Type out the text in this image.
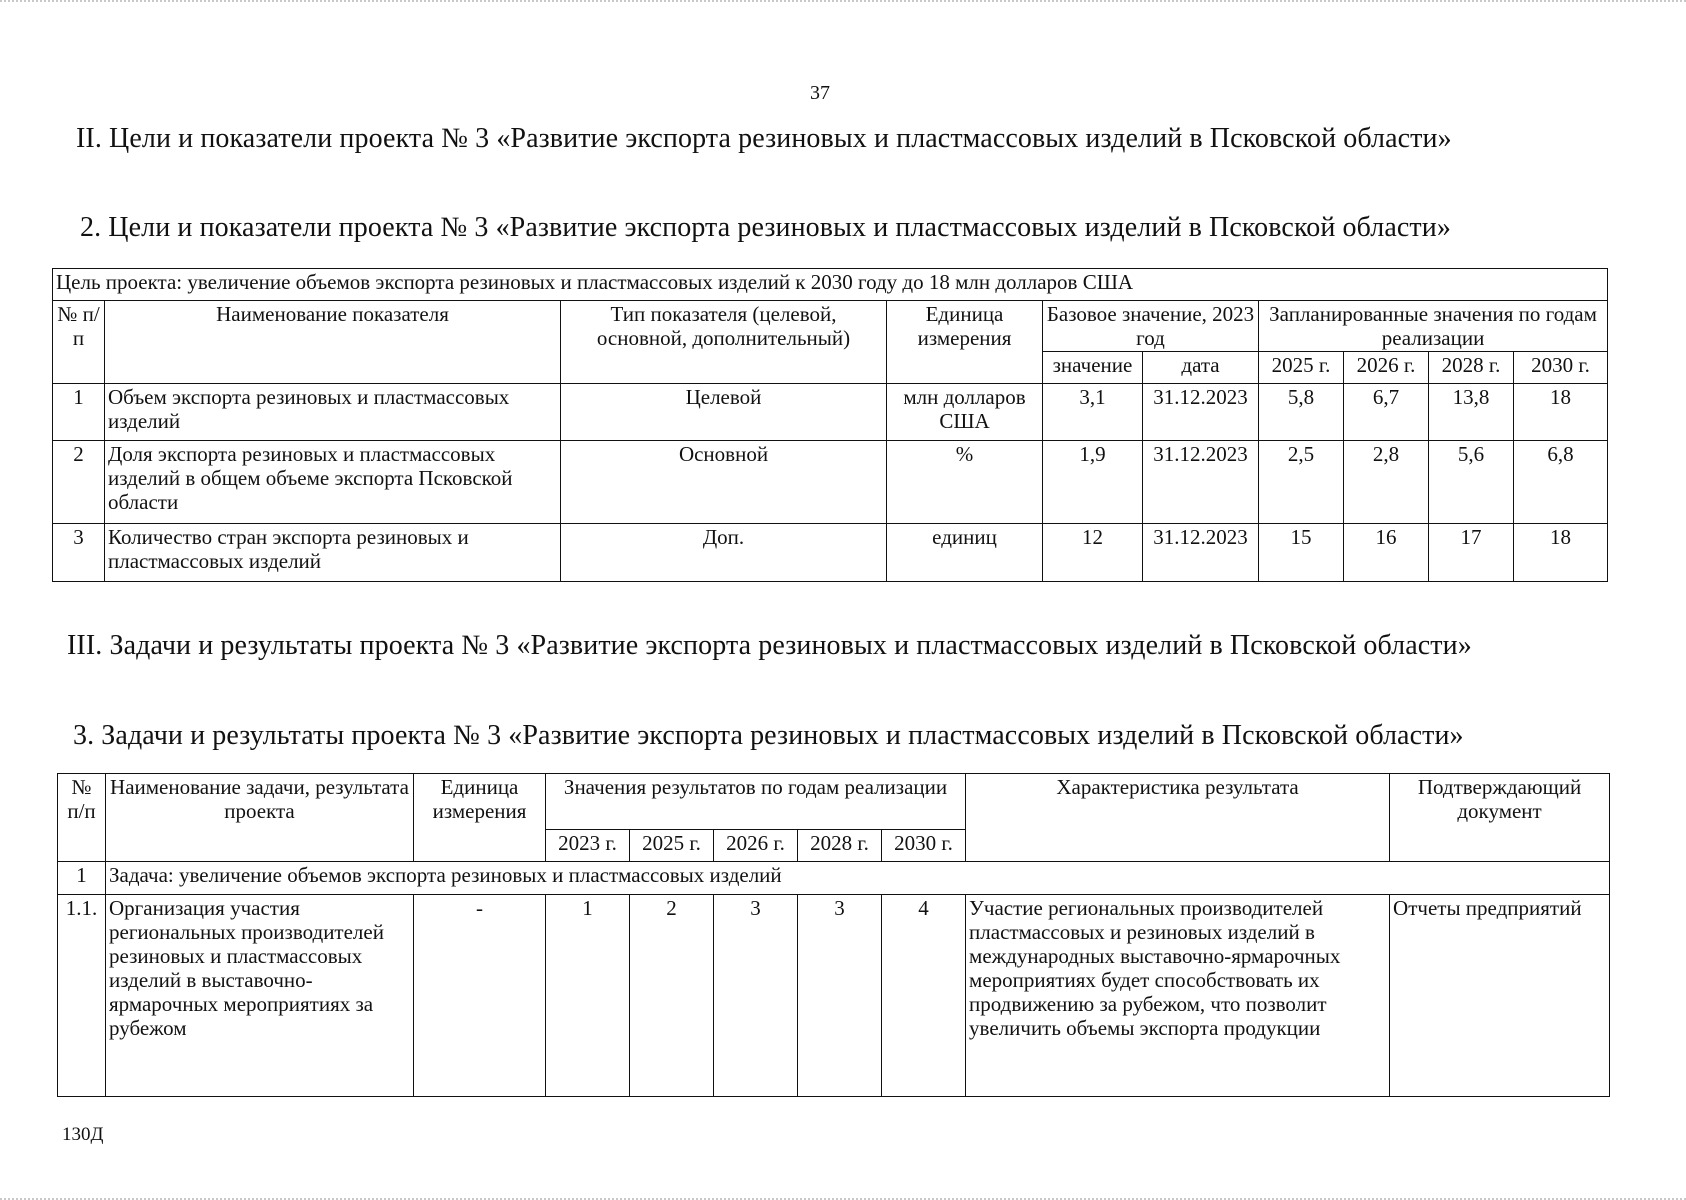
37
II. Цели и показатели проекта № 3 «Развитие экспорта резиновых и пластмассовых изделий в Псковской области»
2. Цели и показатели проекта № 3 «Развитие экспорта резиновых и пластмассовых изделий в Псковской области»
Цель проекта: увеличение объемов экспорта резиновых и пластмассовых изделий к 2030 году до 18 млн долларов США									
№ п/п	Наименование показателя	Тип показателя (целевой, основной, дополнительный)	Единица измерения	Базовое значение, 2023 год		Запланированные значения по годам реализации			
				значение	дата	2025 г.	2026 г.	2028 г.	2030 г.
1	Объем экспорта резиновых и пластмассовых изделий	Целевой	млн долларов США	3,1	31.12.2023	5,8	6,7	13,8	18
2	Доля экспорта резиновых и пластмассовых изделий в общем объеме экспорта Псковской области	Основной	%	1,9	31.12.2023	2,5	2,8	5,6	6,8
3	Количество стран экспорта резиновых и пластмассовых изделий	Доп.	единиц	12	31.12.2023	15	16	17	18
III. Задачи и результаты проекта № 3 «Развитие экспорта резиновых и пластмассовых изделий в Псковской области»
3. Задачи и результаты проекта № 3 «Развитие экспорта резиновых и пластмассовых изделий в Псковской области»
№ п/п	Наименование задачи, результата проекта	Единица измерения	Значения результатов по годам реализации					Характеристика результата	Подтверждающий документ
			2023 г.	2025 г.	2026 г.	2028 г.	2030 г.		
1	Задача: увеличение объемов экспорта резиновых и пластмассовых изделий								
1.1.	Организация участия региональных производителей резиновых и пластмассовых изделий в выставочно-ярмарочных мероприятиях за рубежом	-	1	2	3	3	4	Участие региональных производителей пластмассовых и резиновых изделий в международных выставочно-ярмарочных мероприятиях будет способствовать их продвижению за рубежом, что позволит увеличить объемы экспорта продукции	Отчеты предприятий
130Д
